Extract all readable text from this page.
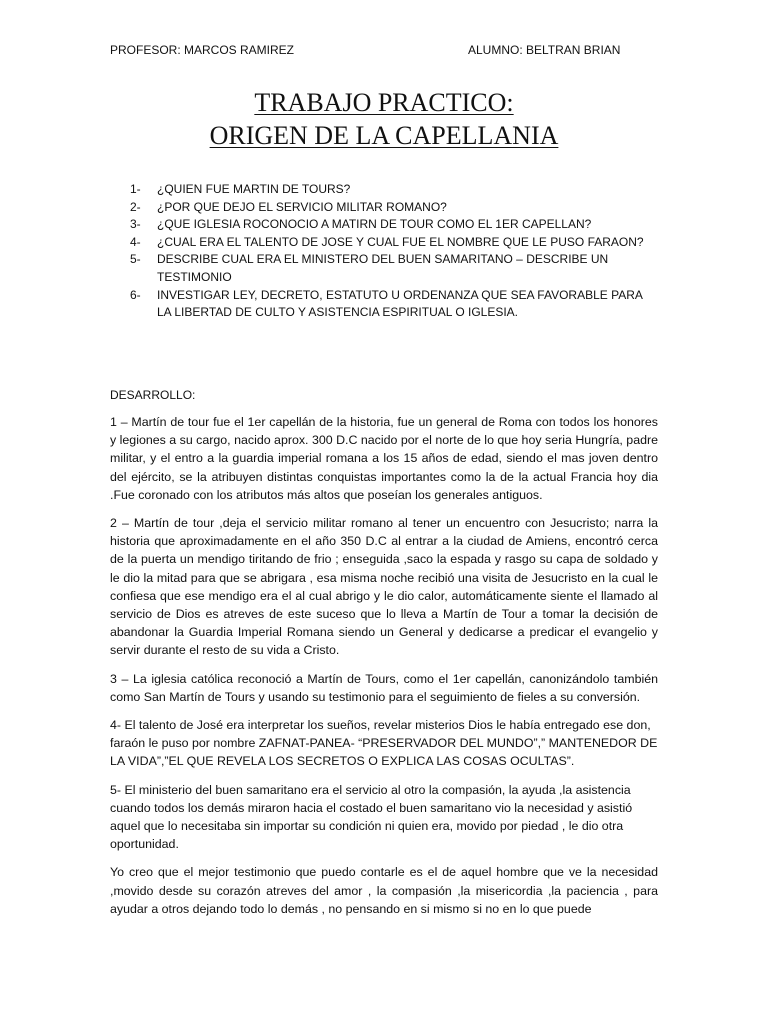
PROFESOR: MARCOS RAMIREZ	ALUMNO: BELTRAN BRIAN
TRABAJO PRACTICO:
ORIGEN DE LA CAPELLANIA
1-	¿QUIEN FUE MARTIN DE TOURS?
2-	¿POR QUE DEJO EL SERVICIO MILITAR ROMANO?
3-	¿QUE IGLESIA ROCONOCIO A MATIRN DE TOUR COMO EL 1ER CAPELLAN?
4-	¿CUAL ERA EL TALENTO DE JOSE Y CUAL FUE EL NOMBRE QUE LE PUSO FARAON?
5-	DESCRIBE CUAL ERA EL MINISTERO DEL BUEN SAMARITANO – DESCRIBE UN TESTIMONIO
6-	INVESTIGAR LEY, DECRETO, ESTATUTO U ORDENANZA QUE SEA FAVORABLE PARA LA LIBERTAD DE CULTO Y ASISTENCIA ESPIRITUAL O IGLESIA.
DESARROLLO:

1 – Martín de tour fue el 1er capellán de la historia, fue un general de Roma con todos los honores y legiones a su cargo, nacido aprox. 300 D.C nacido por el norte de lo que hoy seria Hungría, padre militar, y el entro a la guardia imperial romana a los 15 años de edad, siendo el mas joven dentro del ejército, se la atribuyen distintas conquistas importantes como la de la actual Francia hoy dia .Fue coronado con los atributos más altos que poseían los generales antiguos.

2 – Martín de tour ,deja el servicio militar romano al tener un encuentro con Jesucristo; narra la historia que aproximadamente en el año 350 D.C al entrar a la ciudad de Amiens, encontró cerca de la puerta un mendigo tiritando de frio ; enseguida ,saco la espada y rasgo su capa de soldado y le dio la mitad para que se abrigara , esa misma noche recibió una visita de Jesucristo en la cual le confiesa que ese mendigo era el al cual abrigo y le dio calor, automáticamente siente el llamado al servicio de Dios es atreves de este suceso que lo lleva a Martín de Tour a tomar la decisión de abandonar la Guardia Imperial Romana siendo un General y dedicarse a predicar el evangelio y servir durante el resto de su vida a Cristo.

3 – La iglesia católica reconoció a Martín de Tours, como el 1er capellán, canonizándolo también como San Martín de Tours y usando su testimonio para el seguimiento de fieles a su conversión.

4- El talento de José era interpretar los sueños, revelar misterios Dios le había entregado ese don, faraón le puso por nombre ZAFNAT-PANEA- “PRESERVADOR DEL MUNDO”,” MANTENEDOR DE LA VIDA”,”EL QUE REVELA LOS SECRETOS O EXPLICA LAS COSAS OCULTAS”.

5- El ministerio del buen samaritano era el servicio al otro la compasión, la ayuda ,la asistencia cuando todos los demás miraron hacia el costado el buen samaritano vio la necesidad y asistió aquel que lo necesitaba sin importar su condición ni quien era, movido por piedad , le dio otra oportunidad.

Yo creo que el mejor testimonio que puedo contarle es el de aquel hombre que ve la necesidad ,movido desde su corazón atreves del amor , la compasión ,la misericordia ,la paciencia , para ayudar a otros dejando todo lo demás , no pensando en si mismo si no en lo que puede
